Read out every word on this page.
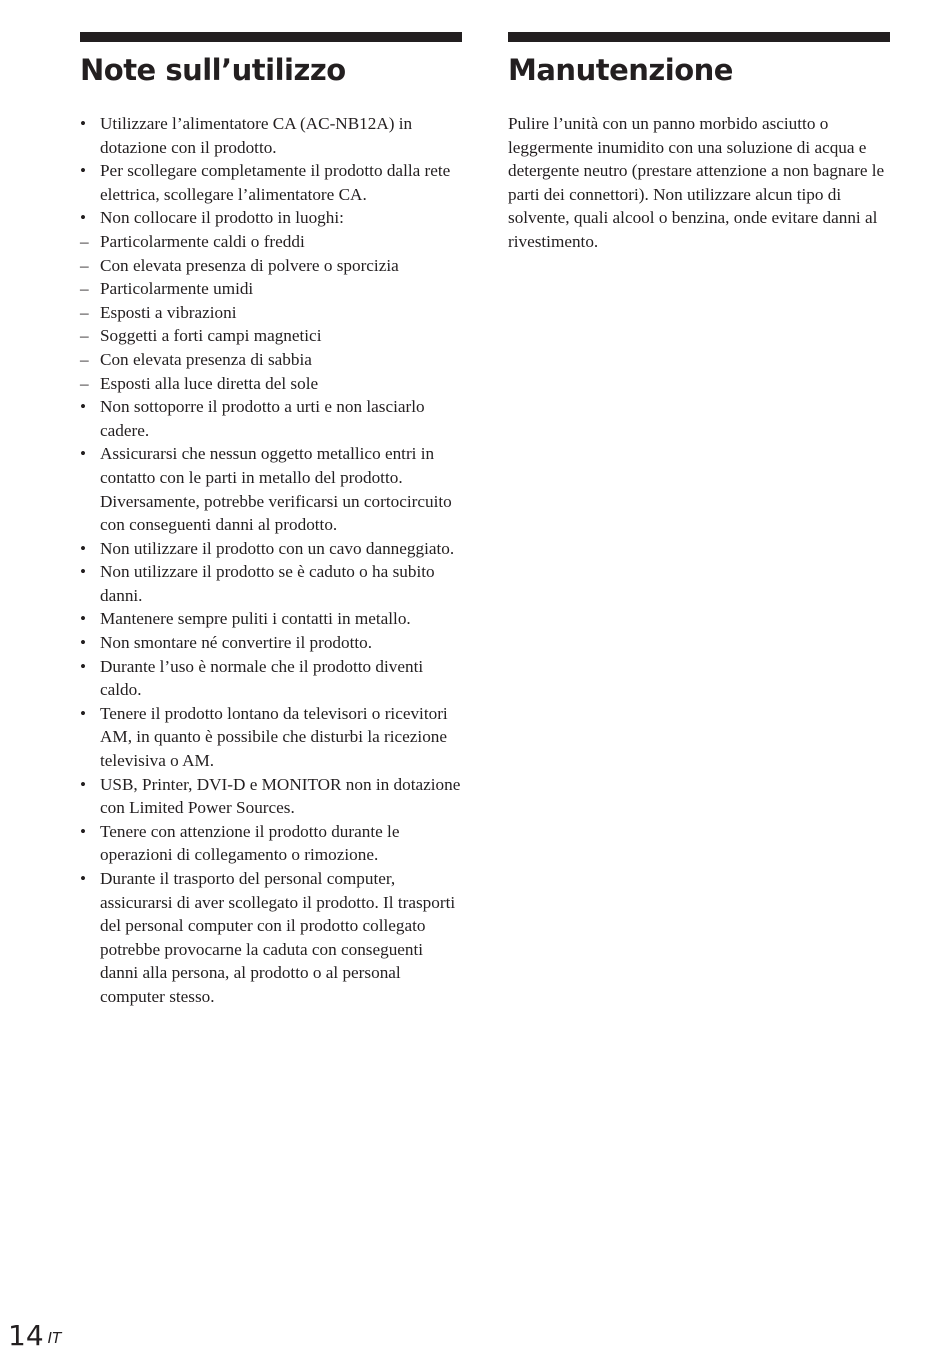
Note sull’utilizzo
• Utilizzare l’alimentatore CA (AC-NB12A) in dotazione con il prodotto.
• Per scollegare completamente il prodotto dalla rete elettrica, scollegare l’alimentatore CA.
• Non collocare il prodotto in luoghi:
– Particolarmente caldi o freddi
– Con elevata presenza di polvere o sporcizia
– Particolarmente umidi
– Esposti a vibrazioni
– Soggetti a forti campi magnetici
– Con elevata presenza di sabbia
– Esposti alla luce diretta del sole
• Non sottoporre il prodotto a urti e non lasciarlo cadere.
• Assicurarsi che nessun oggetto metallico entri in contatto con le parti in metallo del prodotto. Diversamente, potrebbe verificarsi un cortocircuito con conseguenti danni al prodotto.
• Non utilizzare il prodotto con un cavo danneggiato.
• Non utilizzare il prodotto se è caduto o ha subito danni.
• Mantenere sempre puliti i contatti in metallo.
• Non smontare né convertire il prodotto.
• Durante l’uso è normale che il prodotto diventi caldo.
• Tenere il prodotto lontano da televisori o ricevitori AM, in quanto è possibile che disturbi la ricezione televisiva o AM.
• USB, Printer, DVI-D e MONITOR non in dotazione con Limited Power Sources.
• Tenere con attenzione il prodotto durante le operazioni di collegamento o rimozione.
• Durante il trasporto del personal computer, assicurarsi di aver scollegato il prodotto. Il trasporti del personal computer con il prodotto collegato potrebbe provocarne la caduta con conseguenti danni alla persona, al prodotto o al personal computer stesso.
Manutenzione

Pulire l’unità con un panno morbido asciutto o leggermente inumidito con una soluzione di acqua e detergente neutro (prestare attenzione a non bagnare le parti dei connettori). Non utilizzare alcun tipo di solvente, quali alcool o benzina, onde evitare danni al rivestimento.

14 $^{IT}$
